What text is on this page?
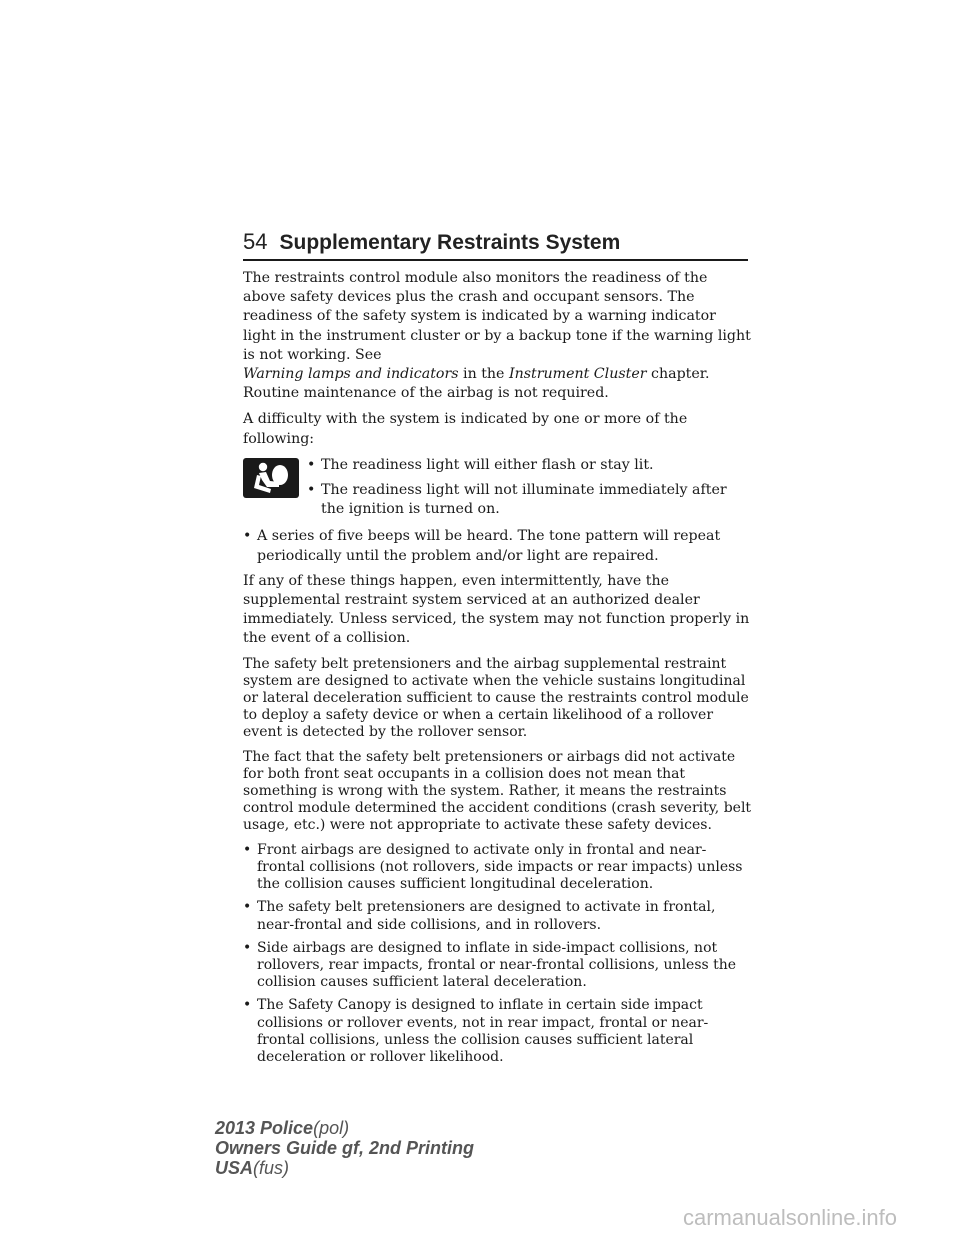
54 Supplementary Restraints System

The restraints control module also monitors the readiness of the above safety devices plus the crash and occupant sensors. The readiness of the safety system is indicated by a warning indicator light in the instrument cluster or by a backup tone if the warning light is not working. See
Warning lamps and indicators in the Instrument Cluster chapter.
Routine maintenance of the airbag is not required.

A difficulty with the system is indicated by one or more of the following:

• The readiness light will either flash or stay lit.
• The readiness light will not illuminate immediately after the ignition is turned on.
• A series of five beeps will be heard. The tone pattern will repeat periodically until the problem and/or light are repaired.

If any of these things happen, even intermittently, have the supplemental restraint system serviced at an authorized dealer immediately. Unless serviced, the system may not function properly in the event of a collision.

The safety belt pretensioners and the airbag supplemental restraint system are designed to activate when the vehicle sustains longitudinal or lateral deceleration sufficient to cause the restraints control module to deploy a safety device or when a certain likelihood of a rollover event is detected by the rollover sensor.

The fact that the safety belt pretensioners or airbags did not activate for both front seat occupants in a collision does not mean that something is wrong with the system. Rather, it means the restraints control module determined the accident conditions (crash severity, belt usage, etc.) were not appropriate to activate these safety devices.

• Front airbags are designed to activate only in frontal and near-frontal collisions (not rollovers, side impacts or rear impacts) unless the collision causes sufficient longitudinal deceleration.
• The safety belt pretensioners are designed to activate in frontal, near-frontal and side collisions, and in rollovers.
• Side airbags are designed to inflate in side-impact collisions, not rollovers, rear impacts, frontal or near-frontal collisions, unless the collision causes sufficient lateral deceleration.
• The Safety Canopy is designed to inflate in certain side impact collisions or rollover events, not in rear impact, frontal or near-frontal collisions, unless the collision causes sufficient lateral deceleration or rollover likelihood.
2013 Police(pol)
Owners Guide gf, 2nd Printing
USA(fus)
carmanualsonline.info
